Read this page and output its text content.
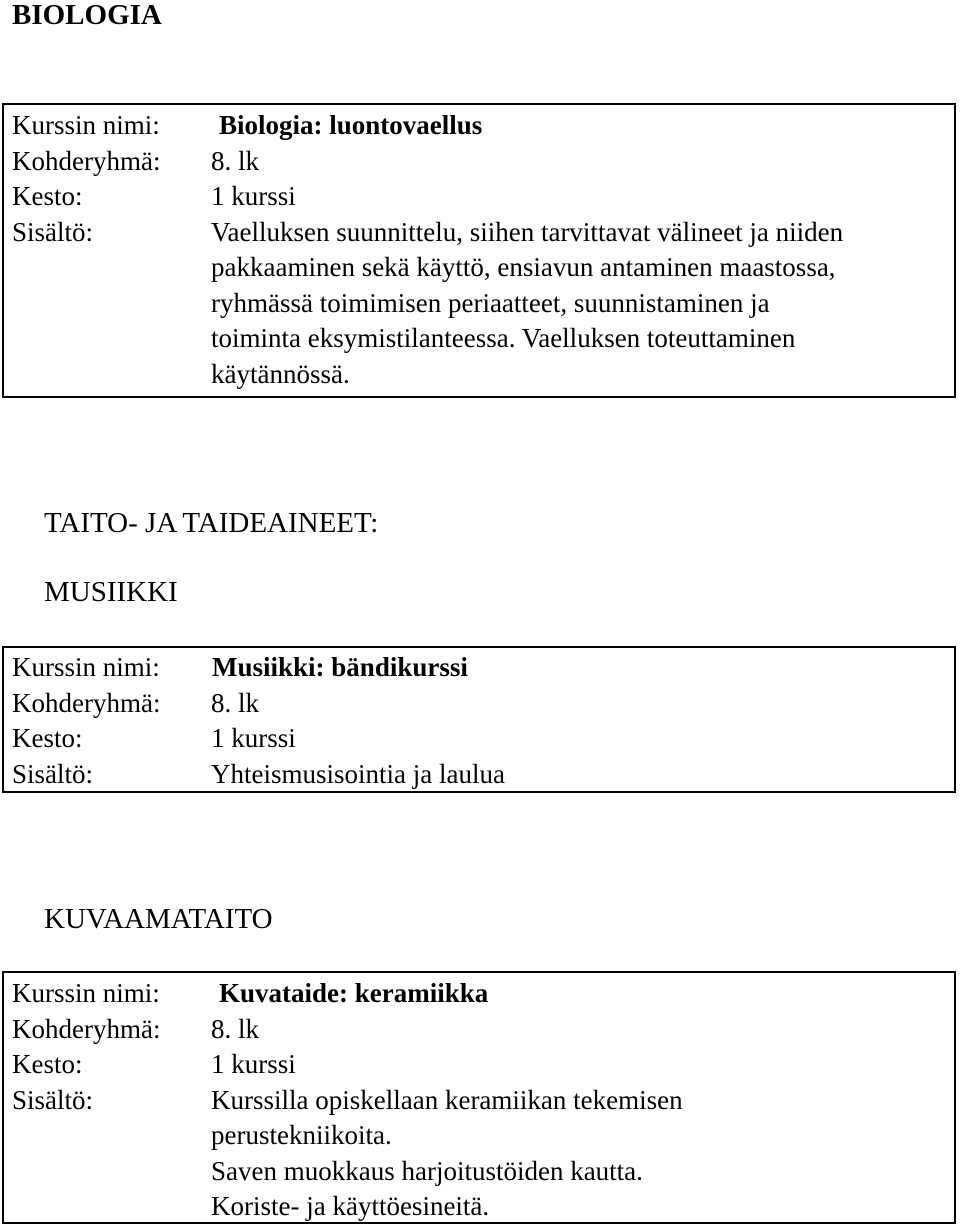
BIOLOGIA
Kurssin nimi: Biologia: luontovaellus
Kohderyhmä: 8. lk
Kesto:	1 kurssi
Sisältö:	Vaelluksen suunnittelu, siihen tarvittavat välineet ja niiden
pakkaaminen sekä käyttö, ensiavun antaminen maastossa,
ryhmässä toimimisen periaatteet, suunnistaminen ja
toiminta eksymistilanteessa. Vaelluksen toteuttaminen
käytännössä.
TAITO- JA TAIDEAINEET:
MUSIIKKI
Kurssin nimi: Musiikki: bändikurssi
Kohderyhmä: 8. lk
Kesto:	1 kurssi
Sisältö:	Yhteismusisointia ja laulua
KUVAAMATAITO
Kurssin nimi: Kuvataide: keramiikka
Kohderyhmä: 8. lk
Kesto:	1 kurssi
Sisältö:	Kurssilla opiskellaan keramiikan tekemisen
perustekniikoita.
Saven muokkaus harjoitustöiden kautta.
Koriste- ja käyttöesineitä.
